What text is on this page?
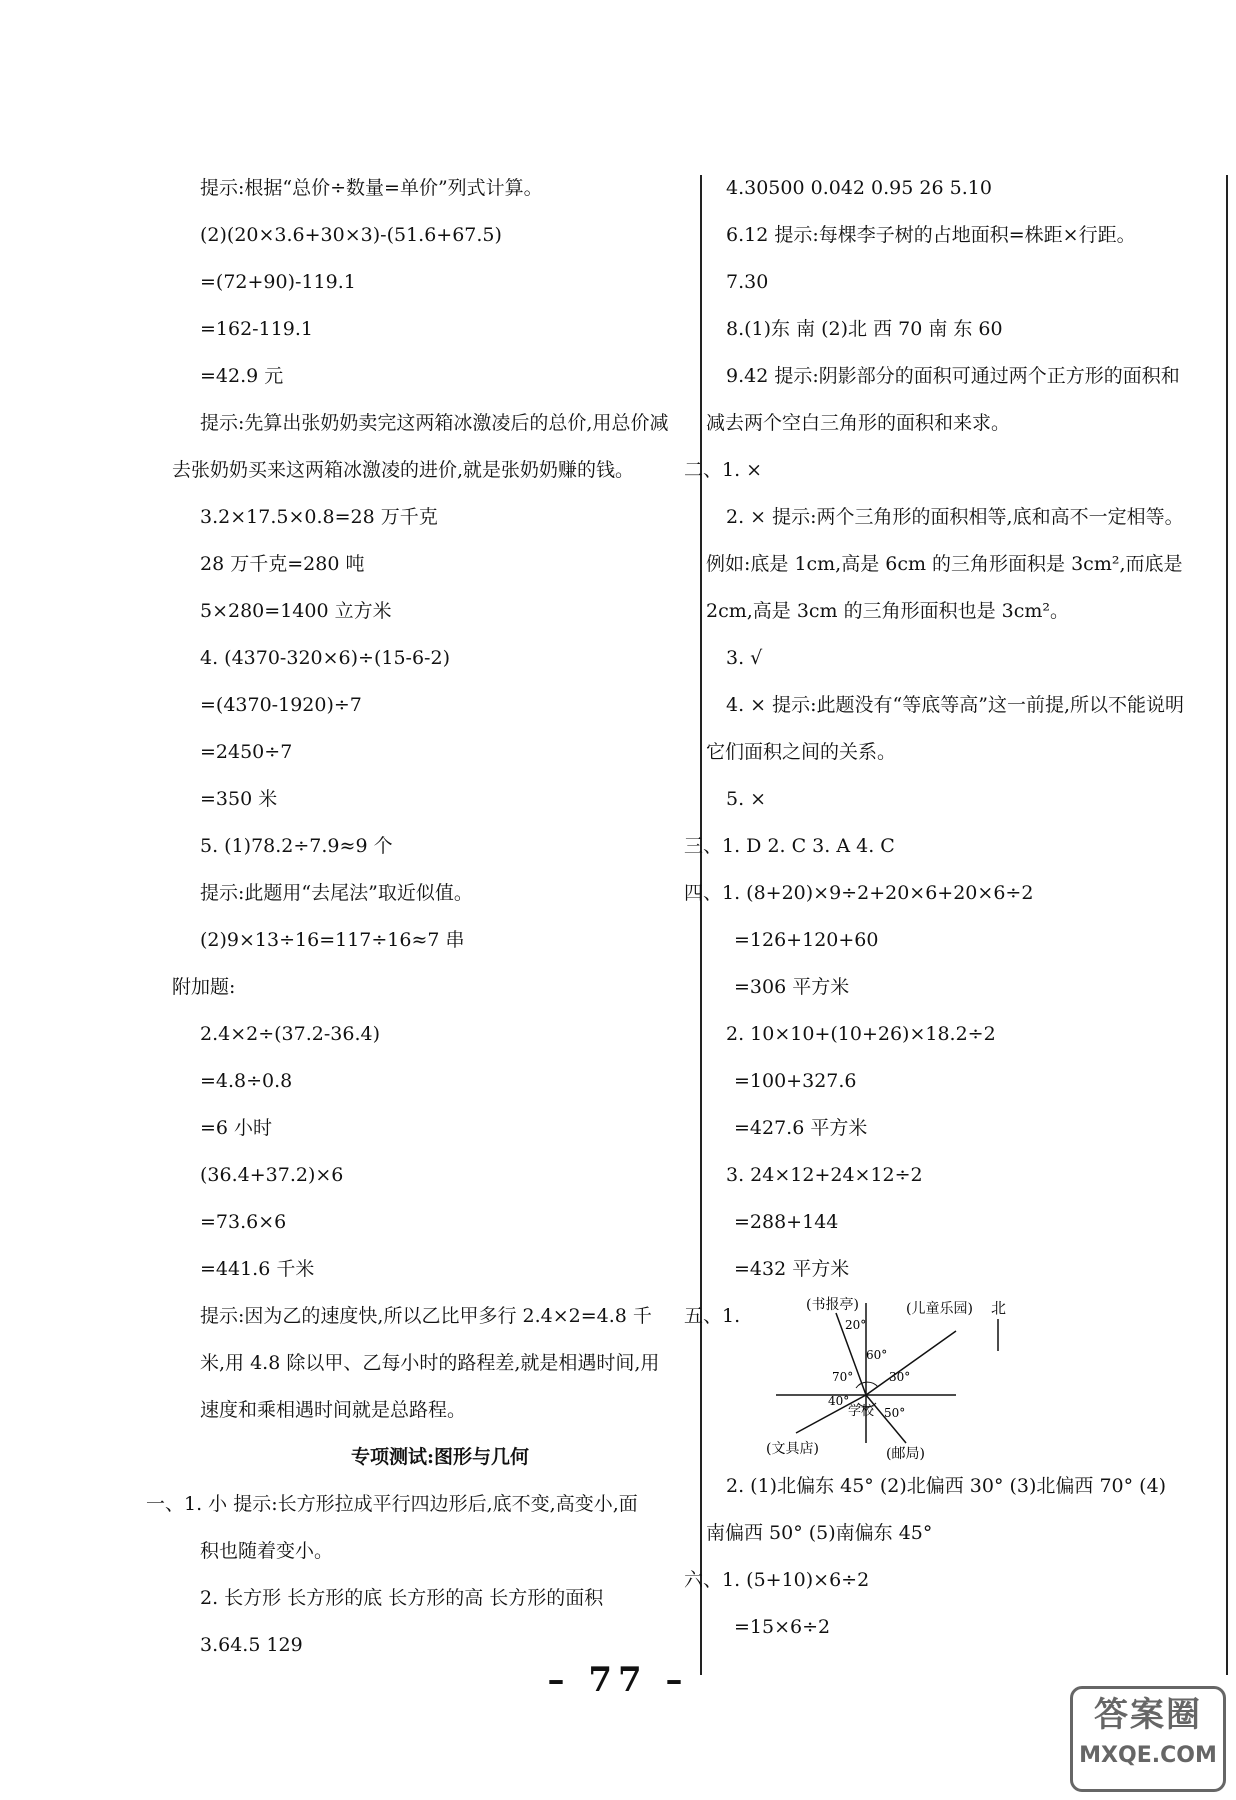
提示:根据“总价÷数量=单价”列式计算。
(2)(20×3.6+30×3)-(51.6+67.5)
=(72+90)-119.1
=162-119.1
=42.9 元
提示:先算出张奶奶卖完这两箱冰激凌后的总价,用总价减
去张奶奶买来这两箱冰激凌的进价,就是张奶奶赚的钱。
3.2×17.5×0.8=28 万千克
28 万千克=280 吨
5×280=1400 立方米
4. (4370-320×6)÷(15-6-2)
=(4370-1920)÷7
=2450÷7
=350 米
5. (1)78.2÷7.9≈9 个
提示:此题用“去尾法”取近似值。
(2)9×13÷16=117÷16≈7 串
附加题:
2.4×2÷(37.2-36.4)
=4.8÷0.8
=6 小时
(36.4+37.2)×6
=73.6×6
=441.6 千米
提示:因为乙的速度快,所以乙比甲多行 2.4×2=4.8 千
米,用 4.8 除以甲、乙每小时的路程差,就是相遇时间,用
速度和乘相遇时间就是总路程。
专项测试:图形与几何
一、1. 小 提示:长方形拉成平行四边形后,底不变,高变小,面
积也随着变小。
2. 长方形 长方形的底 长方形的高 长方形的面积
3.64.5 129
4.30500 0.042 0.95 26 5.10
6.12 提示:每棵李子树的占地面积=株距×行距。
7.30
8.(1)东 南 (2)北 西 70 南 东 60
9.42 提示:阴影部分的面积可通过两个正方形的面积和
减去两个空白三角形的面积和来求。
二、1. ×
2. × 提示:两个三角形的面积相等,底和高不一定相等。
例如:底是 1cm,高是 6cm 的三角形面积是 3cm²,而底是
2cm,高是 3cm 的三角形面积也是 3cm²。
3. √
4. × 提示:此题没有“等底等高”这一前提,所以不能说明
它们面积之间的关系。
5. ×
三、1. D 2. C 3. A 4. C
四、1. (8+20)×9÷2+20×6+20×6÷2
=126+120+60
=306 平方米
2. 10×10+(10+26)×18.2÷2
=100+327.6
=427.6 平方米
3. 24×12+24×12÷2
=288+144
=432 平方米
五、1.	(书报亭)	(儿童乐园) 北
学校
(文具店)	(邮局)
20°
60°
30°
70°
40°
50°
2. (1)北偏东 45° (2)北偏西 30° (3)北偏西 70° (4)
南偏西 50° (5)南偏东 45°
六、1. (5+10)×6÷2
=15×6÷2
– 77 –
答案圈
MXQE.COM
